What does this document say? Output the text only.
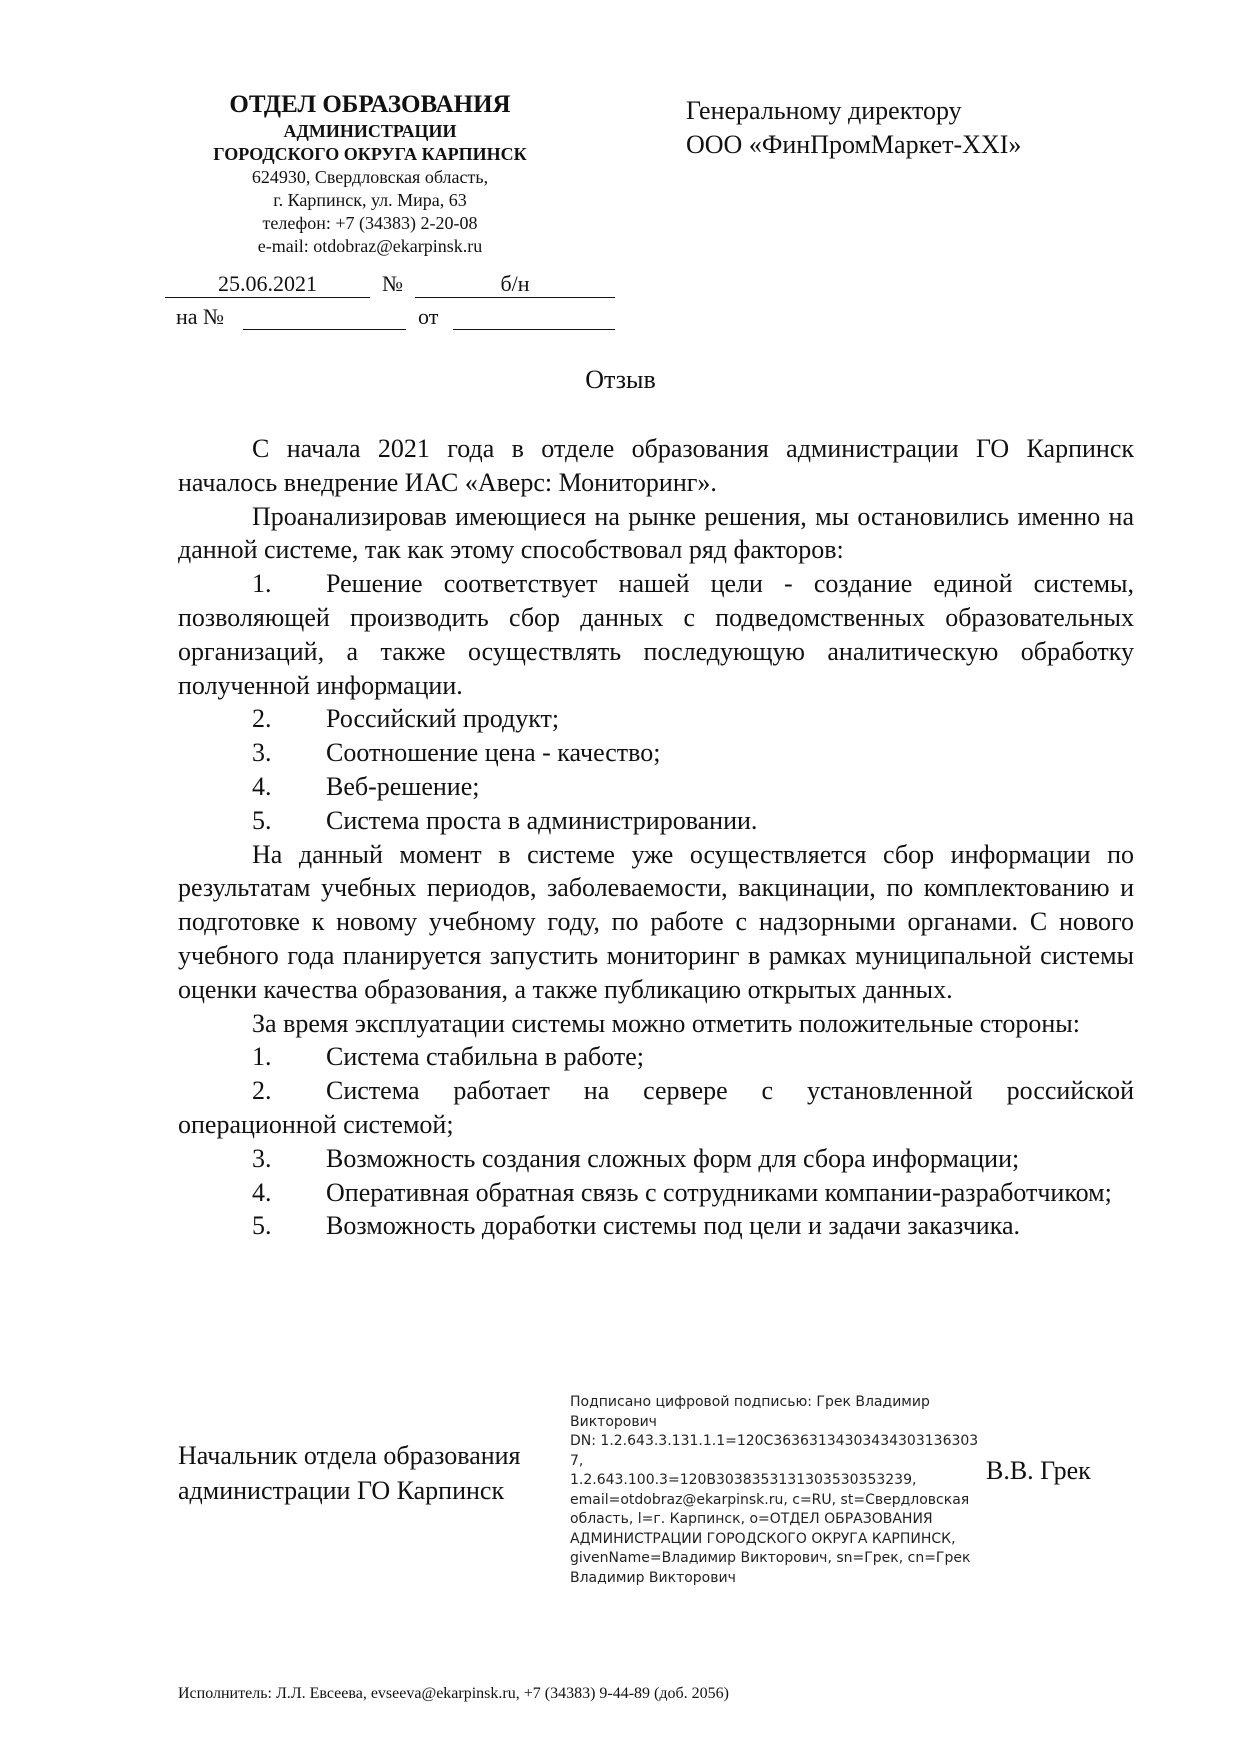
ОТДЕЛ ОБРАЗОВАНИЯ
АДМИНИСТРАЦИИ
ГОРОДСКОГО ОКРУГА КАРПИНСК
624930, Свердловская область,
г. Карпинск, ул. Мира, 63
телефон: +7 (34383) 2-20-08
e-mail: otdobraz@ekarpinsk.ru
Генеральному директору
ООО «ФинПромМаркет-XXI»
25.06.2021	№	б/н
на №	от
Отзыв

С начала 2021 года в отделе образования администрации ГО Карпинск началось внедрение ИАС «Аверс: Мониторинг».

Проанализировав имеющиеся на рынке решения, мы остановились именно на данной системе, так как этому способствовал ряд факторов:

1. Решение соответствует нашей цели - создание единой системы, позволяющей производить сбор данных с подведомственных образовательных организаций, а также осуществлять последующую аналитическую обработку полученной информации.

2. Российский продукт;

3. Соотношение цена - качество;

4. Веб-решение;

5. Система проста в администрировании.

На данный момент в системе уже осуществляется сбор информации по результатам учебных периодов, заболеваемости, вакцинации, по комплектованию и подготовке к новому учебному году, по работе с надзорными органами. С нового учебного года планируется запустить мониторинг в рамках муниципальной системы оценки качества образования, а также публикацию открытых данных.

За время эксплуатации системы можно отметить положительные стороны:

1. Система стабильна в работе;

2. Система работает на сервере с установленной российской операционной системой;

3. Возможность создания сложных форм для сбора информации;

4. Оперативная обратная связь с сотрудниками компании-разработчиком;

5. Возможность доработки системы под цели и задачи заказчика.

Начальник отдела образования
администрации ГО Карпинск
Подписано цифровой подписью: Грек Владимир
Викторович
DN: 1.2.643.3.131.1.1=120C36363134303434303136303​7,
1.2.643.100.3=120B30383531313035303532​39,
email=otdobraz@ekarpinsk.ru, c=RU, st=Свердловская
область, l=г. Карпинск, o=ОТДЕЛ ОБРАЗОВАНИЯ
АДМИНИСТРАЦИИ ГОРОДСКОГО ОКРУГА КАРПИНСК,
givenName=Владимир Викторович, sn=Грек, cn=Грек
Владимир Викторович
В.В. Грек
Исполнитель: Л.Л. Евсеева, evseeva@ekarpinsk.ru, +7 (34383) 9-44-89 (доб. 2056)
